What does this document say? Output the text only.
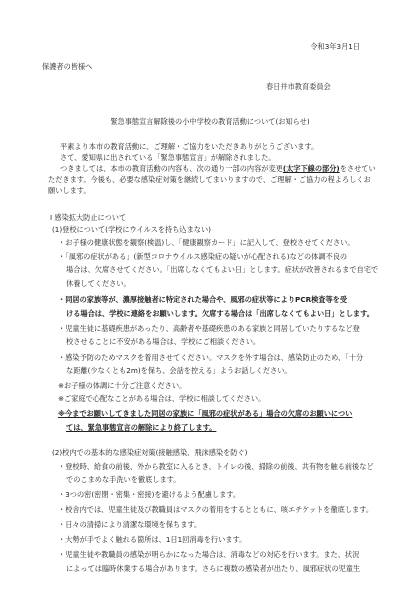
令和3年3月1日
保護者の皆様へ
春日井市教育委員会
緊急事態宣言解除後の小中学校の教育活動について(お知らせ)
平素より本市の教育活動に、ご理解・ご協力をいただきありがとうございます。
さて、愛知県に出されている「緊急事態宣言」が解除されました。
つきましては、本市の教育活動の内容も、次の通り一部の内容が変更(太字下線の部分)をさせてい
ただきます。今後も、必要な感染症対策を継続してまいりますので、ご理解・ご協力の程よろしくお
願いします。
Ⅰ 感染拡大防止について
(1)登校について(学校にウイルスを持ち込まない)
・お子様の健康状態を観察(検温)し、「健康観察カード」に記入して、登校させてください。
・「風邪の症状がある」(新型コロナウイルス感染症の疑いが心配される)などの体調不良の
場合は、欠席させてください。「出席しなくてもよい日」とします。症状が改善されるまで自宅で
休養してください。
・同居の家族等が、濃厚接触者に特定された場合や、風邪の症状等によりPCR検査等を受
ける場合は、学校に連絡をお願いします。欠席する場合は「出席しなくてもよい日」とします。
・児童生徒に基礎疾患があったり、高齢者や基礎疾患のある家族と同居していたりするなど登
校させることに不安がある場合は、学校にご相談ください。
・感染予防のためマスクを着用させてください。マスクを外す場合は、感染防止のため、「十分
な距離(少なくとも2m)を保ち、会話を控える」ようお話しください。
※お子様の体調に十分ご注意ください。
※ご家庭で心配なことがある場合は、学校に相談してください。
※今までお願いしてきました同居の家族に「風邪の症状がある」場合の欠席のお願いについ
ては、緊急事態宣言の解除により終了します。
(2)校内での基本的な感染症対策(接触感染、飛沫感染を防ぐ)
・登校時、給食の前後、外から教室に入るとき、トイレの後、掃除の前後、共有物を触る前後など
でのこまめな手洗いを徹底します。
・3つの密(密閉・密集・密接)を避けるよう配慮します。
・校舎内では、児童生徒及び教職員はマスクの着用をするとともに、咳エチケットを徹底します。
・日々の清掃により清潔な環境を保ちます。
・大勢が手でよく触れる箇所は、1日1回消毒を行います。
・児童生徒や教職員の感染が明らかになった場合は、消毒などの対応を行います。また、状況
によっては臨時休業する場合があります。さらに複数の感染者が出たり、風邪症状の児童生
